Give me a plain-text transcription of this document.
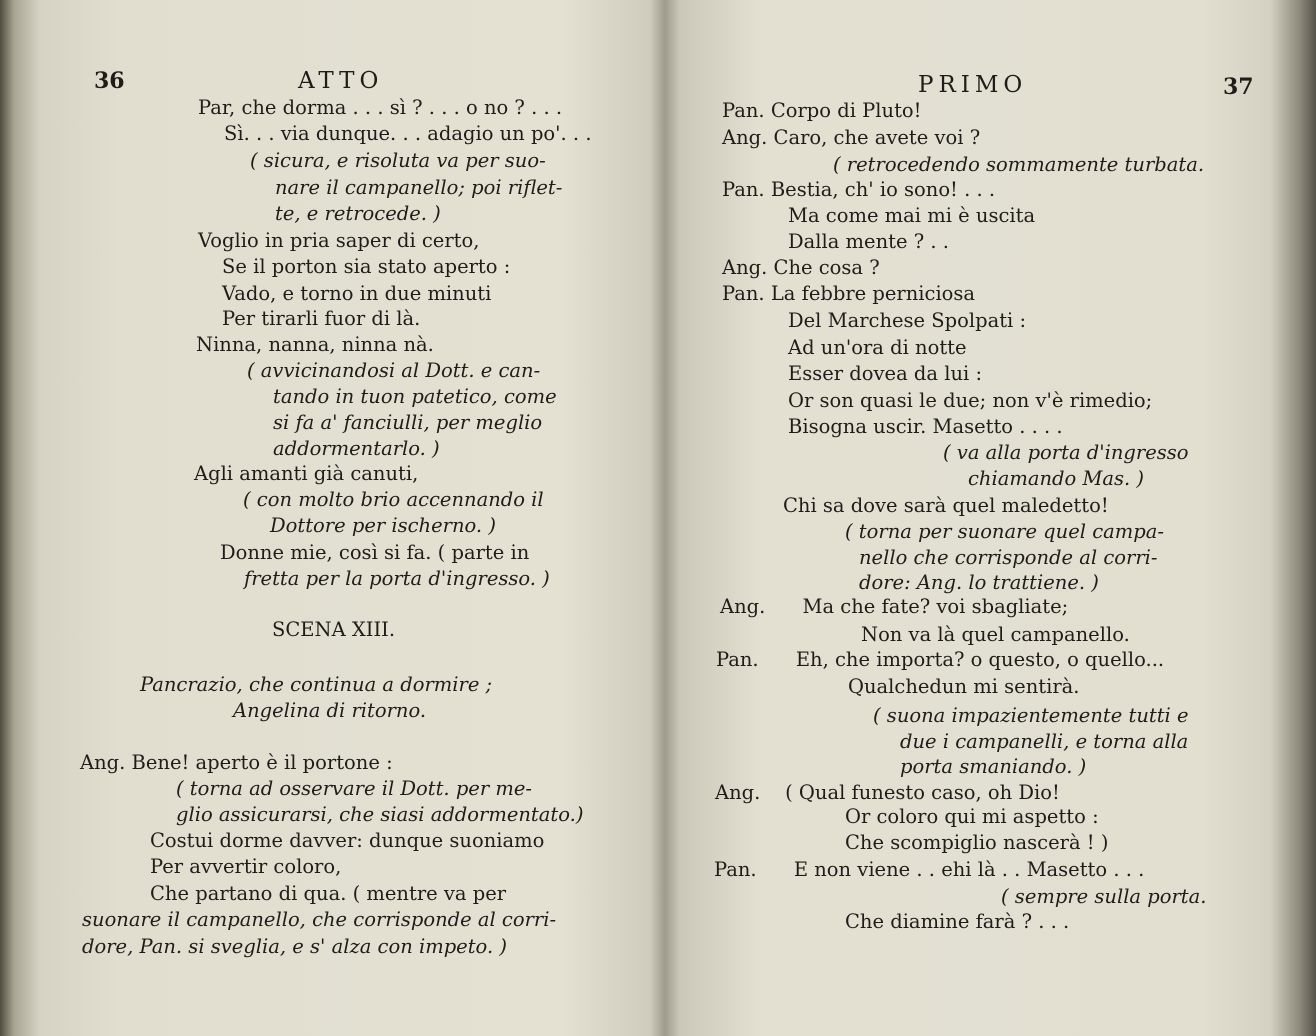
36	ATTO
Par, che dorma . . . sì ? . . . o no ? . . .
Sì. . . via dunque. . . adagio un po'. . .
( sicura, e risoluta va per suo-
nare il campanello; poi riflet-
te, e retrocede. )
Voglio in pria saper di certo,
Se il porton sia stato aperto :
Vado, e torno in due minuti
Per tirarli fuor di là.
Ninna, nanna, ninna nà.
( avvicinandosi al Dott. e can-
tando in tuon patetico, come
si fa a' fanciulli, per meglio
addormentarlo. )
Agli amanti già canuti,
( con molto brio accennando il
Dottore per ischerno. )
Donne mie, così si fa. ( parte in
fretta per la porta d'ingresso. )
SCENA XIII.
Pancrazio, che continua a dormire ;
Angelina di ritorno.
Ang. Bene! aperto è il portone :
( torna ad osservare il Dott. per me-
glio assicurarsi, che siasi addormentato.)
Costui dorme davver: dunque suoniamo
Per avvertir coloro,
Che partano di qua. ( mentre va per
suonare il campanello, che corrisponde al corri-
dore, Pan. si sveglia, e s' alza con impeto. )
PRIMO	37
Pan. Corpo di Pluto!
Ang. Caro, che avete voi ?
( retrocedendo sommamente turbata.
Pan. Bestia, ch' io sono! . . .
Ma come mai mi è uscita
Dalla mente ? . .
Ang. Che cosa ?
Pan. La febbre perniciosa
Del Marchese Spolpati :
Ad un'ora di notte
Esser dovea da lui :
Or son quasi le due; non v'è rimedio;
Bisogna uscir. Masetto . . . .
( va alla porta d'ingresso
chiamando Mas. )
Chi sa dove sarà quel maledetto!
( torna per suonare quel campa-
nello che corrisponde al corri-
dore: Ang. lo trattiene. )
Ang.      Ma che fate? voi sbagliate;
Non va là quel campanello.
Pan.      Eh, che importa? o questo, o quello...
Qualchedun mi sentirà.
( suona impazientemente tutti e
due i campanelli, e torna alla
porta smaniando. )
Ang.    ( Qual funesto caso, oh Dio!
Or coloro qui mi aspetto :
Che scompiglio nascerà ! )
Pan.      E non viene . . ehi là . . Masetto . . .
( sempre sulla porta.
Che diamine farà ? . . .
